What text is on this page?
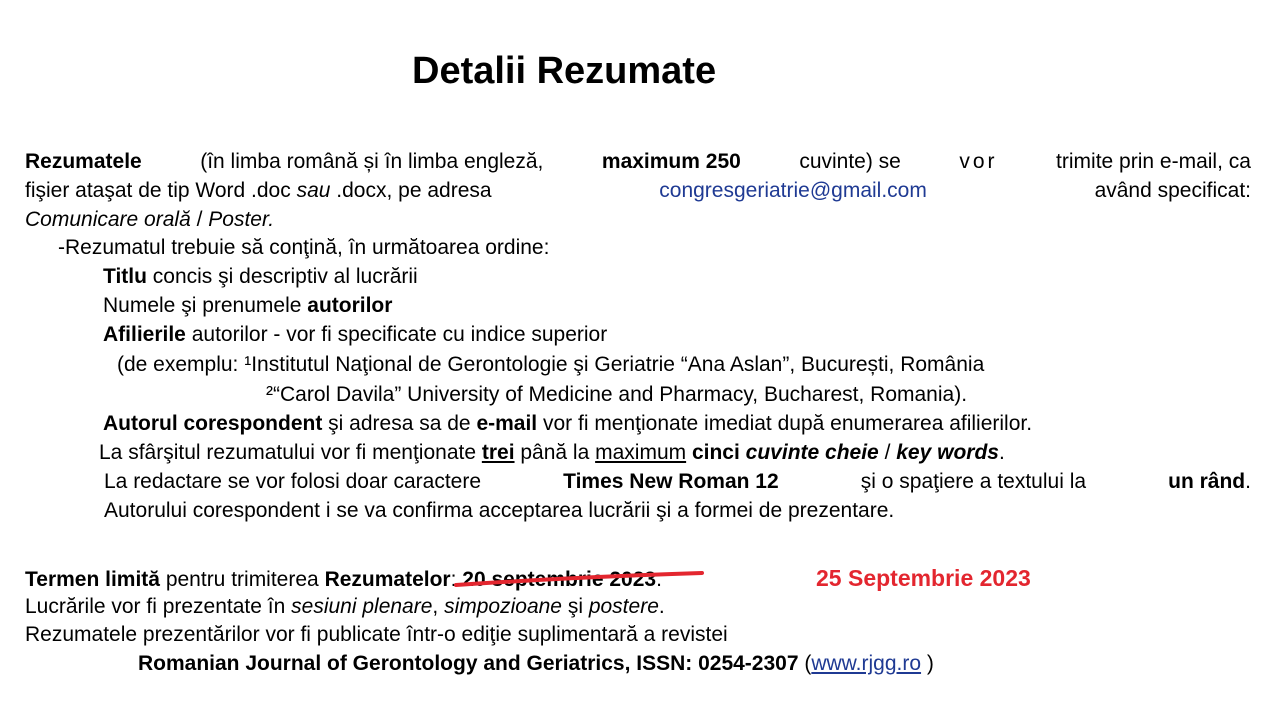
Detalii Rezumate
Rezumatele	(în limba română și în limba engleză,	maximum 250	cuvinte) se	vor	trimite prin e-mail, ca
fişier ataşat de tip Word .doc sau .docx, pe adresa	congresgeriatrie@gmail.com	având specificat:
Comunicare orală / Poster.
-Rezumatul trebuie să conţină, în următoarea ordine:
Titlu concis şi descriptiv al lucrării
Numele şi prenumele autorilor
Afilierile autorilor - vor fi specificate cu indice superior
(de exemplu: ¹Institutul Naţional de Gerontologie şi Geriatrie “Ana Aslan”, București, România
²“Carol Davila” University of Medicine and Pharmacy, Bucharest, Romania).
Autorul corespondent şi adresa sa de e-mail vor fi menţionate imediat după enumerarea afilierilor.
La sfârşitul rezumatului vor fi menţionate trei până la maximum cinci cuvinte cheie / key words.
La redactare se vor folosi doar caractere	Times New Roman 12	şi o spaţiere a textului la	un rând.
Autorului corespondent i se va confirma acceptarea lucrării şi a formei de prezentare.
Termen limită pentru trimiterea Rezumatelor: 20 septembrie 2023
.	25 Septembrie 2023
Lucrările vor fi prezentate în sesiuni plenare, simpozioane şi postere.
Rezumatele prezentărilor vor fi publicate într-o ediţie suplimentară a revistei
Romanian Journal of Gerontology and Geriatrics, ISSN: 0254-2307 (www.rjgg.ro )
